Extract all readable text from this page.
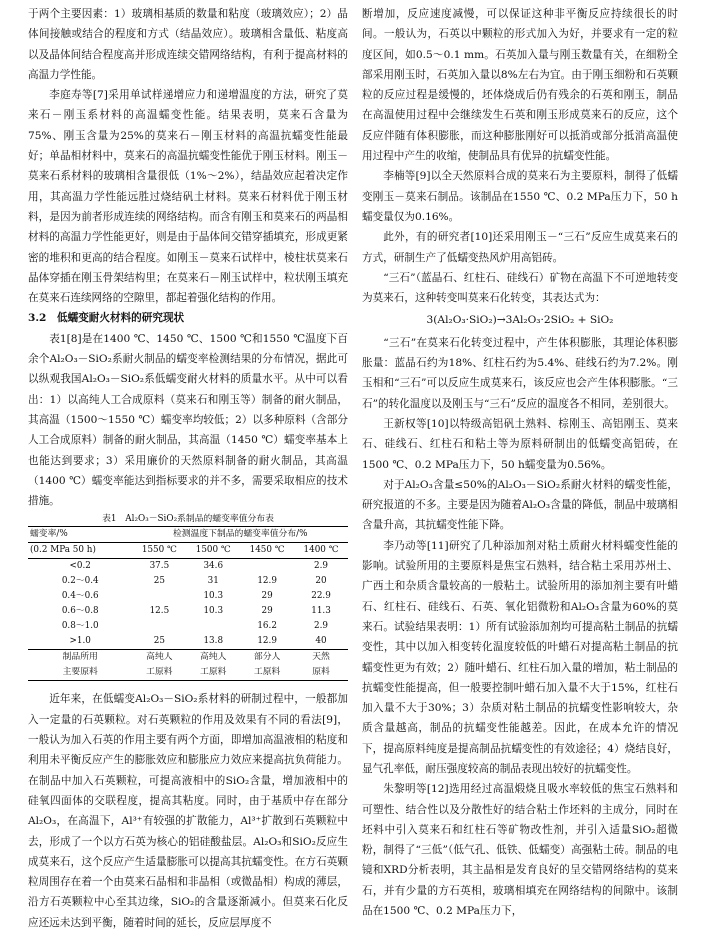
于两个主要因素：1）玻璃相基质的数量和粘度（玻璃效应）；2）晶体间接触或结合的程度和方式（结晶效应）。玻璃相含量低、粘度高以及晶体间结合程度高并形成连续交错网络结构，有利于提高材料的高温力学性能。

李庭寿等[7]采用单试样递增应力和递增温度的方法，研究了莫来石－刚玉系材料的高温蠕变性能。结果表明，莫来石含量为75%、刚玉含量为25%的莫来石－刚玉材料的高温抗蠕变性能最好；单晶相材料中，莫来石的高温抗蠕变性能优于刚玉材料。刚玉－莫来石系材料的玻璃相含量很低（1%～2%），结晶效应起着决定作用，其高温力学性能远胜过烧结矾土材料。莫来石材料优于刚玉材料，是因为前者形成连续的网络结构。而含有刚玉和莫来石的两晶相材料的高温力学性能更好，则是由于晶体间交错穿插填充，形成更紧密的堆积和更高的结合程度。如刚玉－莫来石试样中，棱柱状莫来石晶体穿插在刚玉骨架结构里；在莫来石－刚玉试样中，粒状刚玉填充在莫来石连续网络的空隙里，都起着强化结构的作用。

3.2　低蠕变耐火材料的研究现状

表1[8]是在1400 ℃、1450 ℃、1500 ℃和1550 ℃温度下百余个Al₂O₃－SiO₂系耐火制品的蠕变率检测结果的分布情况，据此可以纵观我国Al₂O₃－SiO₂系低蠕变耐火材料的质量水平。从中可以看出：1）以高纯人工合成原料（莫来石和刚玉等）制备的耐火制品，其高温（1500～1550 ℃）蠕变率均较低；2）以多种原料（含部分人工合成原料）制备的耐火制品，其高温（1450 ℃）蠕变率基本上也能达到要求；3）采用廉价的天然原料制备的耐火制品，其高温（1400 ℃）蠕变率能达到指标要求的并不多，需要采取相应的技术措施。

表1　Al₂O₃－SiO₂系制品的蠕变率值分布表
蠕变率/%	检测温度下制品的蠕变率值分布/%			
(0.2 MPa 50 h)	1550 ℃	1500 ℃	1450 ℃	1400 ℃
<0.2	37.5	34.6		2.9
0.2～0.4	25	31	12.9	20
0.4～0.6		10.3	29	22.9
0.6～0.8	12.5	10.3	29	11.3
0.8～1.0			16.2	2.9
>1.0	25	13.8	12.9	40
制品所用	高纯人	高纯人	部分人	天然
主要原料	工原料	工原料	工原料	原料

近年来，在低蠕变Al₂O₃－SiO₂系材料的研制过程中，一般都加入一定量的石英颗粒。对石英颗粒的作用及效果有不同的看法[9]，一般认为加入石英的作用主要有两个方面，即增加高温液相的粘度和利用未平衡反应产生的膨胀效应和膨胀应力效应来提高抗负荷能力。在制品中加入石英颗粒，可提高液相中的SiO₂含量，增加液相中的硅氧四面体的交联程度，提高其粘度。同时，由于基质中存在部分Al₂O₃，在高温下，Al³⁺有较强的扩散能力，Al³⁺扩散到石英颗粒中去，形成了一个以方石英为核心的铝硅酸盐层。Al₂O₃和SiO₂反应生成莫来石，这个反应产生适量膨胀可以提高其抗蠕变性。在方石英颗粒周围存在着一个由莫来石晶相和非晶相（或微晶相）构成的薄层，沿方石英颗粒中心至其边缘，SiO₂的含量逐渐减小。但莫来石化反应还远未达到平衡，随着时间的延长，反应层厚度不

断增加，反应速度减慢，可以保证这种非平衡反应持续很长的时间。一般认为，石英以中颗粒的形式加入为好，并要求有一定的粒度区间，如0.5～0.1 mm。石英加入量与刚玉数量有关，在细粉全部采用刚玉时，石英加入量以8%左右为宜。由于刚玉细粉和石英颗粒的反应过程是缓慢的，坯体烧成后仍有残余的石英和刚玉，制品在高温使用过程中会继续发生石英和刚玉形成莫来石的反应，这个反应伴随有体积膨胀，而这种膨胀刚好可以抵消或部分抵消高温使用过程中产生的收缩，使制品具有优异的抗蠕变性能。

李楠等[9]以全天然原料合成的莫来石为主要原料，制得了低蠕变刚玉－莫来石制品。该制品在1550 ℃、0.2 MPa压力下，50 h蠕变量仅为0.16%。

此外，有的研究者[10]还采用刚玉－“三石”反应生成莫来石的方式，研制生产了低蠕变热风炉用高铝砖。

“三石”（蓝晶石、红柱石、硅线石）矿物在高温下不可逆地转变为莫来石，这种转变叫莫来石化转变，其表达式为：

3(Al₂O₃·SiO₂)→3Al₂O₃·2SiO₂ + SiO₂

“三石”在莫来石化转变过程中，产生体积膨胀，其理论体积膨胀量：蓝晶石约为18%、红柱石约为5.4%、硅线石约为7.2%。刚玉相和“三石”可以反应生成莫来石，该反应也会产生体积膨胀。“三石”的转化温度以及刚玉与“三石”反应的温度各不相同，差别很大。

王新权等[10]以特级高铝矾土熟料、棕刚玉、高铝刚玉、莫来石、硅线石、红柱石和粘土等为原料研制出的低蠕变高铝砖，在1500 ℃、0.2 MPa压力下，50 h蠕变量为0.56%。

对于Al₂O₃含量≤50%的Al₂O₃－SiO₂系耐火材料的蠕变性能，研究报道的不多。主要是因为随着Al₂O₃含量的降低，制品中玻璃相含量升高，其抗蠕变性能下降。

李乃动等[11]研究了几种添加剂对粘土质耐火材料蠕变性能的影响。试验所用的主要原料是焦宝石熟料，结合粘土采用苏州土、广西土和杂质含量较高的一般粘土。试验所用的添加剂主要有叶蜡石、红柱石、硅线石、石英、氧化铝微粉和Al₂O₃含量为60%的莫来石。试验结果表明：1）所有试验添加剂均可提高粘土制品的抗蠕变性，其中以加入相变转化温度较低的叶蜡石对提高粘土制品的抗蠕变性更为有效；2）随叶蜡石、红柱石加入量的增加，粘土制品的抗蠕变性能提高，但一般要控制叶蜡石加入量不大于15%，红柱石加入量不大于30%；3）杂质对粘土制品的抗蠕变性影响较大，杂质含量越高，制品的抗蠕变性能越差。因此，在成本允许的情况下，提高原料纯度是提高制品抗蠕变性的有效途径；4）烧结良好，显气孔率低，耐压强度较高的制品表现出较好的抗蠕变性。

朱黎明等[12]选用经过高温煅烧且吸水率较低的焦宝石熟料和可塑性、结合性以及分散性好的结合粘土作坯料的主成分，同时在坯料中引入莫来石和红柱石等矿物改性剂，并引入适量SiO₂超微粉，制得了“三低”（低气孔、低铁、低蠕变）高强粘土砖。制品的电镜和XRD分析表明，其主晶相是发育良好的呈交错网络结构的莫来石，并有少量的方石英相，玻璃相填充在网络结构的间隙中。该制品在1500 ℃、0.2 MPa压力下，
